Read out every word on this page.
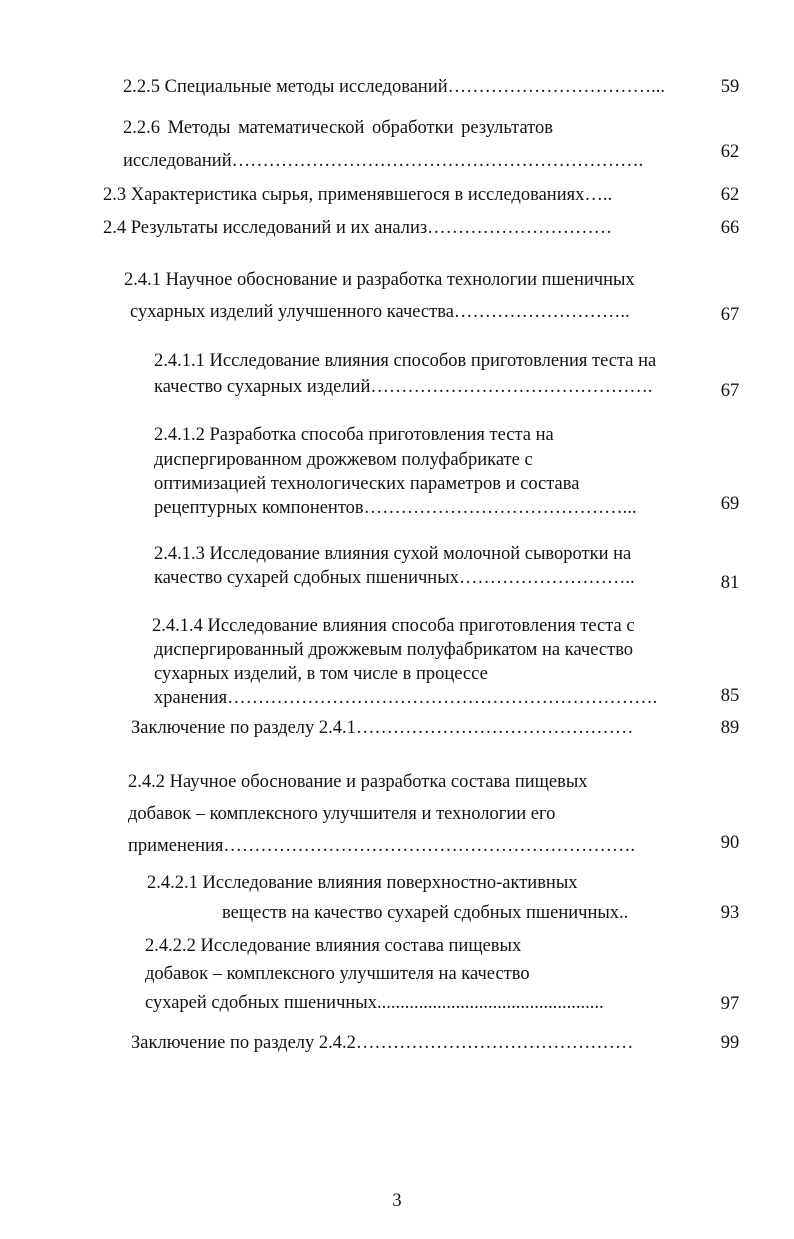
2.2.5 Специальные методы исследований……………………………...	59
2.2.6 Методы математической обработки результатов
исследований………………………………………………………….	62
2.3 Характеристика сырья, применявшегося в исследованиях…..	62
2.4 Результаты исследований и их анализ…………………………	66
2.4.1 Научное обоснование и разработка технологии пшеничных
сухарных изделий улучшенного качества………………………..	67
2.4.1.1 Исследование влияния способов приготовления теста на
качество сухарных изделий……………………………………….	67
2.4.1.2 Разработка способа приготовления теста на
диспергированном дрожжевом полуфабрикате с
оптимизацией технологических параметров и состава
рецептурных компонентов……………………………………...	69
2.4.1.3 Исследование влияния сухой молочной сыворотки на
качество сухарей сдобных пшеничных………………………..	81
2.4.1.4 Исследование влияния способа приготовления теста с
диспергированный дрожжевым полуфабрикатом на качество
сухарных изделий, в том числе в процессе
хранения…………………………………………………………….	85
Заключение по разделу 2.4.1………………………………………	89
2.4.2 Научное обоснование и разработка состава пищевых
добавок – комплексного улучшителя и технологии его
применения………………………………………………………….	90
2.4.2.1 Исследование влияния поверхностно-активных
веществ на качество сухарей сдобных пшеничных..	93
2.4.2.2 Исследование влияния состава пищевых
добавок – комплексного улучшителя на качество
сухарей сдобных пшеничных.................................................	97
Заключение по разделу 2.4.2………………………………………	99
3
